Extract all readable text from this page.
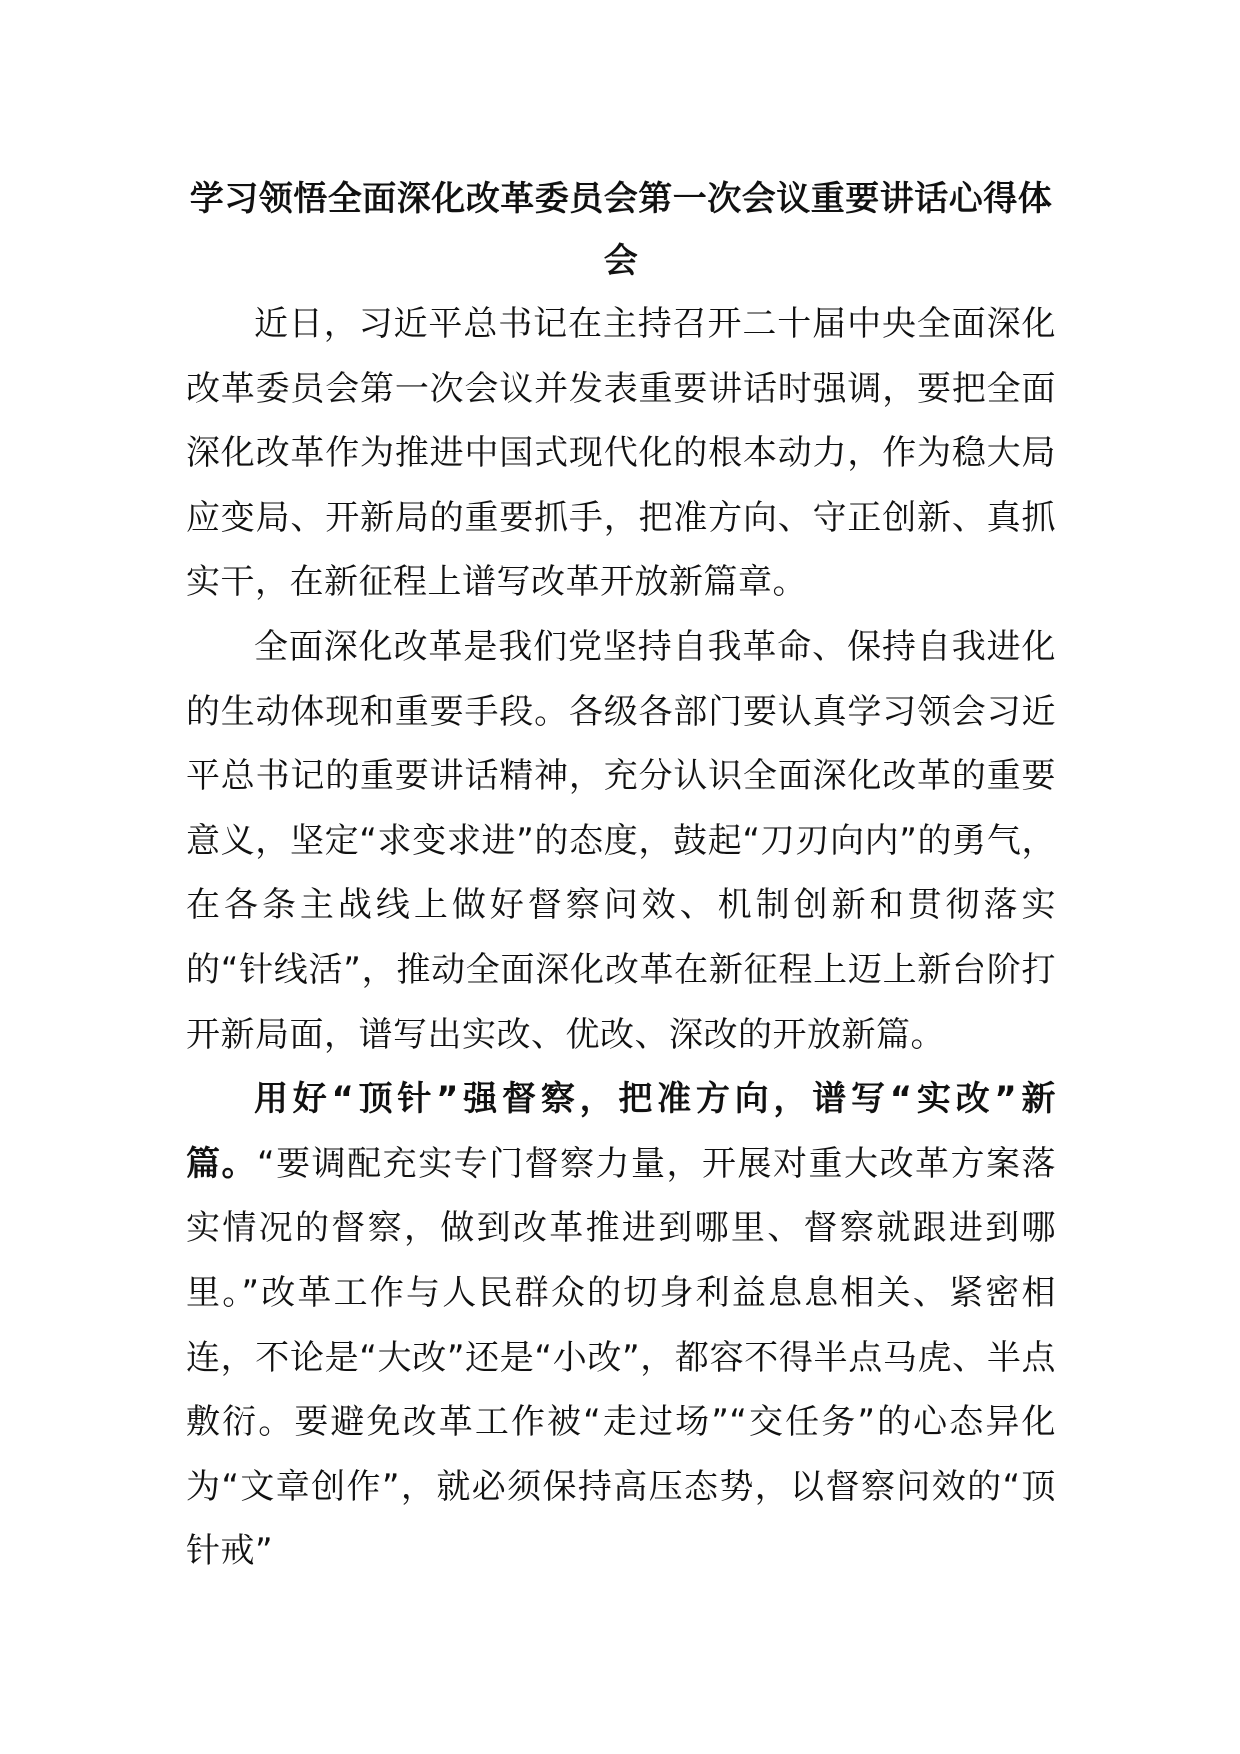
学习领悟全面深化改革委员会第一次会议重要讲话心得体会

近日，习近平总书记在主持召开二十届中央全面深化改革委员会第一次会议并发表重要讲话时强调，要把全面深化改革作为推进中国式现代化的根本动力，作为稳大局应变局、开新局的重要抓手，把准方向、守正创新、真抓实干，在新征程上谱写改革开放新篇章。

全面深化改革是我们党坚持自我革命、保持自我进化的生动体现和重要手段。各级各部门要认真学习领会习近平总书记的重要讲话精神，充分认识全面深化改革的重要意义，坚定“求变求进”的态度，鼓起“刀刃向内”的勇气，在各条主战线上做好督察问效、机制创新和贯彻落实的“针线活”，推动全面深化改革在新征程上迈上新台阶打开新局面，谱写出实改、优改、深改的开放新篇。

用好“顶针”强督察，把准方向，谱写“实改”新篇。“要调配充实专门督察力量，开展对重大改革方案落实情况的督察，做到改革推进到哪里、督察就跟进到哪里。”改革工作与人民群众的切身利益息息相关、紧密相连，不论是“大改”还是“小改”，都容不得半点马虎、半点敷衍。要避免改革工作被“走过场”“交任务”的心态异化为“文章创作”，就必须保持高压态势，以督察问效的“顶针戒”
